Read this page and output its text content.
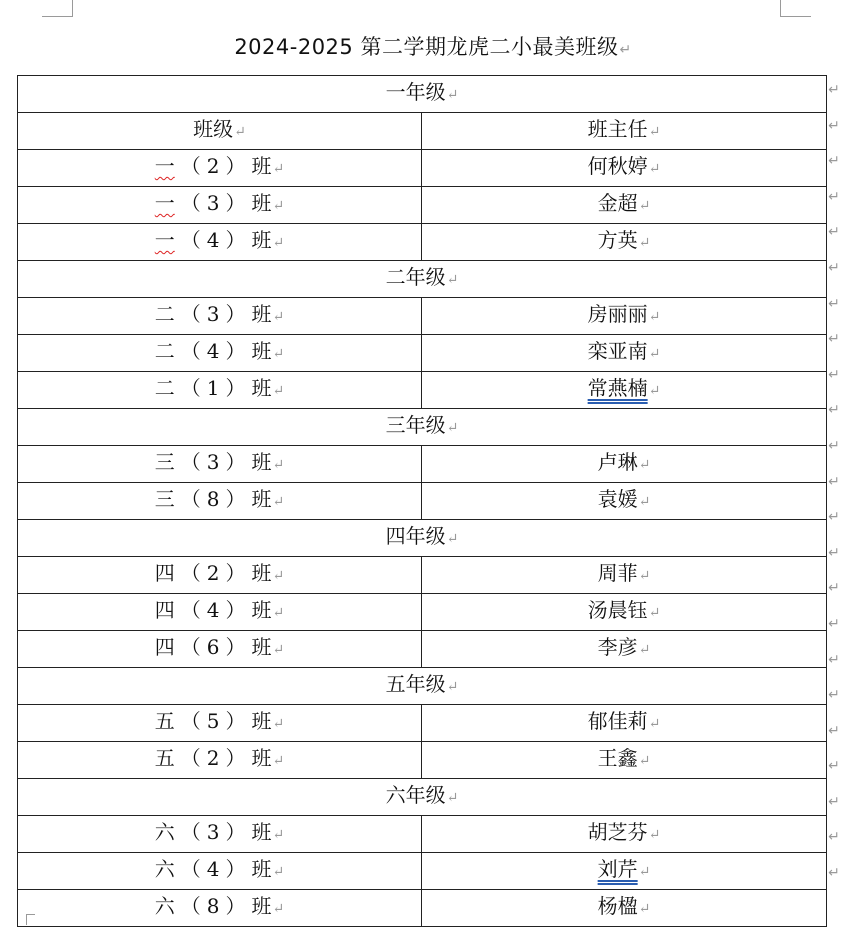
2024-2025 第二学期龙虎二小最美班级↵
一年级↵	
班级↵	班主任↵
一 （ 2 ） 班↵	何秋婷↵
一 （ 3 ） 班↵	金超↵
一 （ 4 ） 班↵	方英↵
二年级↵	
二 （ 3 ） 班↵	房丽丽↵
二 （ 4 ） 班↵	栾亚南↵
二 （ 1 ） 班↵	常燕楠↵
三年级↵	
三 （ 3 ） 班↵	卢琳↵
三 （ 8 ） 班↵	袁媛↵
四年级↵	
四 （ 2 ） 班↵	周菲↵
四 （ 4 ） 班↵	汤晨钰↵
四 （ 6 ） 班↵	李彦↵
五年级↵	
五 （ 5 ） 班↵	郁佳莉↵
五 （ 2 ） 班↵	王鑫↵
六年级↵	
六 （ 3 ） 班↵	胡芝芬↵
六 （ 4 ） 班↵	刘芹↵
六 （ 8 ） 班↵	杨楹↵
↵
↵
↵
↵
↵
↵
↵
↵
↵
↵
↵
↵
↵
↵
↵
↵
↵
↵
↵
↵
↵
↵
↵
